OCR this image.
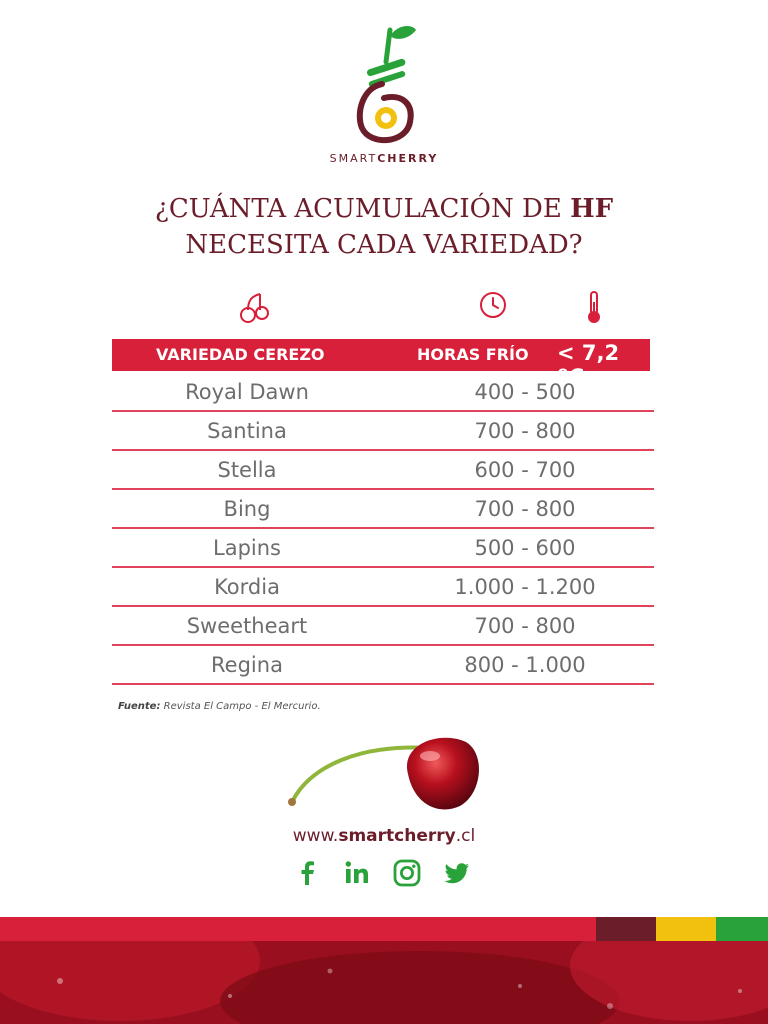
SMARTCHERRY
¿CUÁNTA ACUMULACIÓN DE HF
NECESITA CADA VARIEDAD?
VARIEDAD CEREZO	HORAS FRÍO < 7,2 ºC
Royal Dawn	400 - 500
Santina	700 - 800
Stella	600 - 700
Bing	700 - 800
Lapins	500 - 600
Kordia	1.000 - 1.200
Sweetheart	700 - 800
Regina	800 - 1.000
Fuente: Revista El Campo - El Mercurio.
www.smartcherry.cl
